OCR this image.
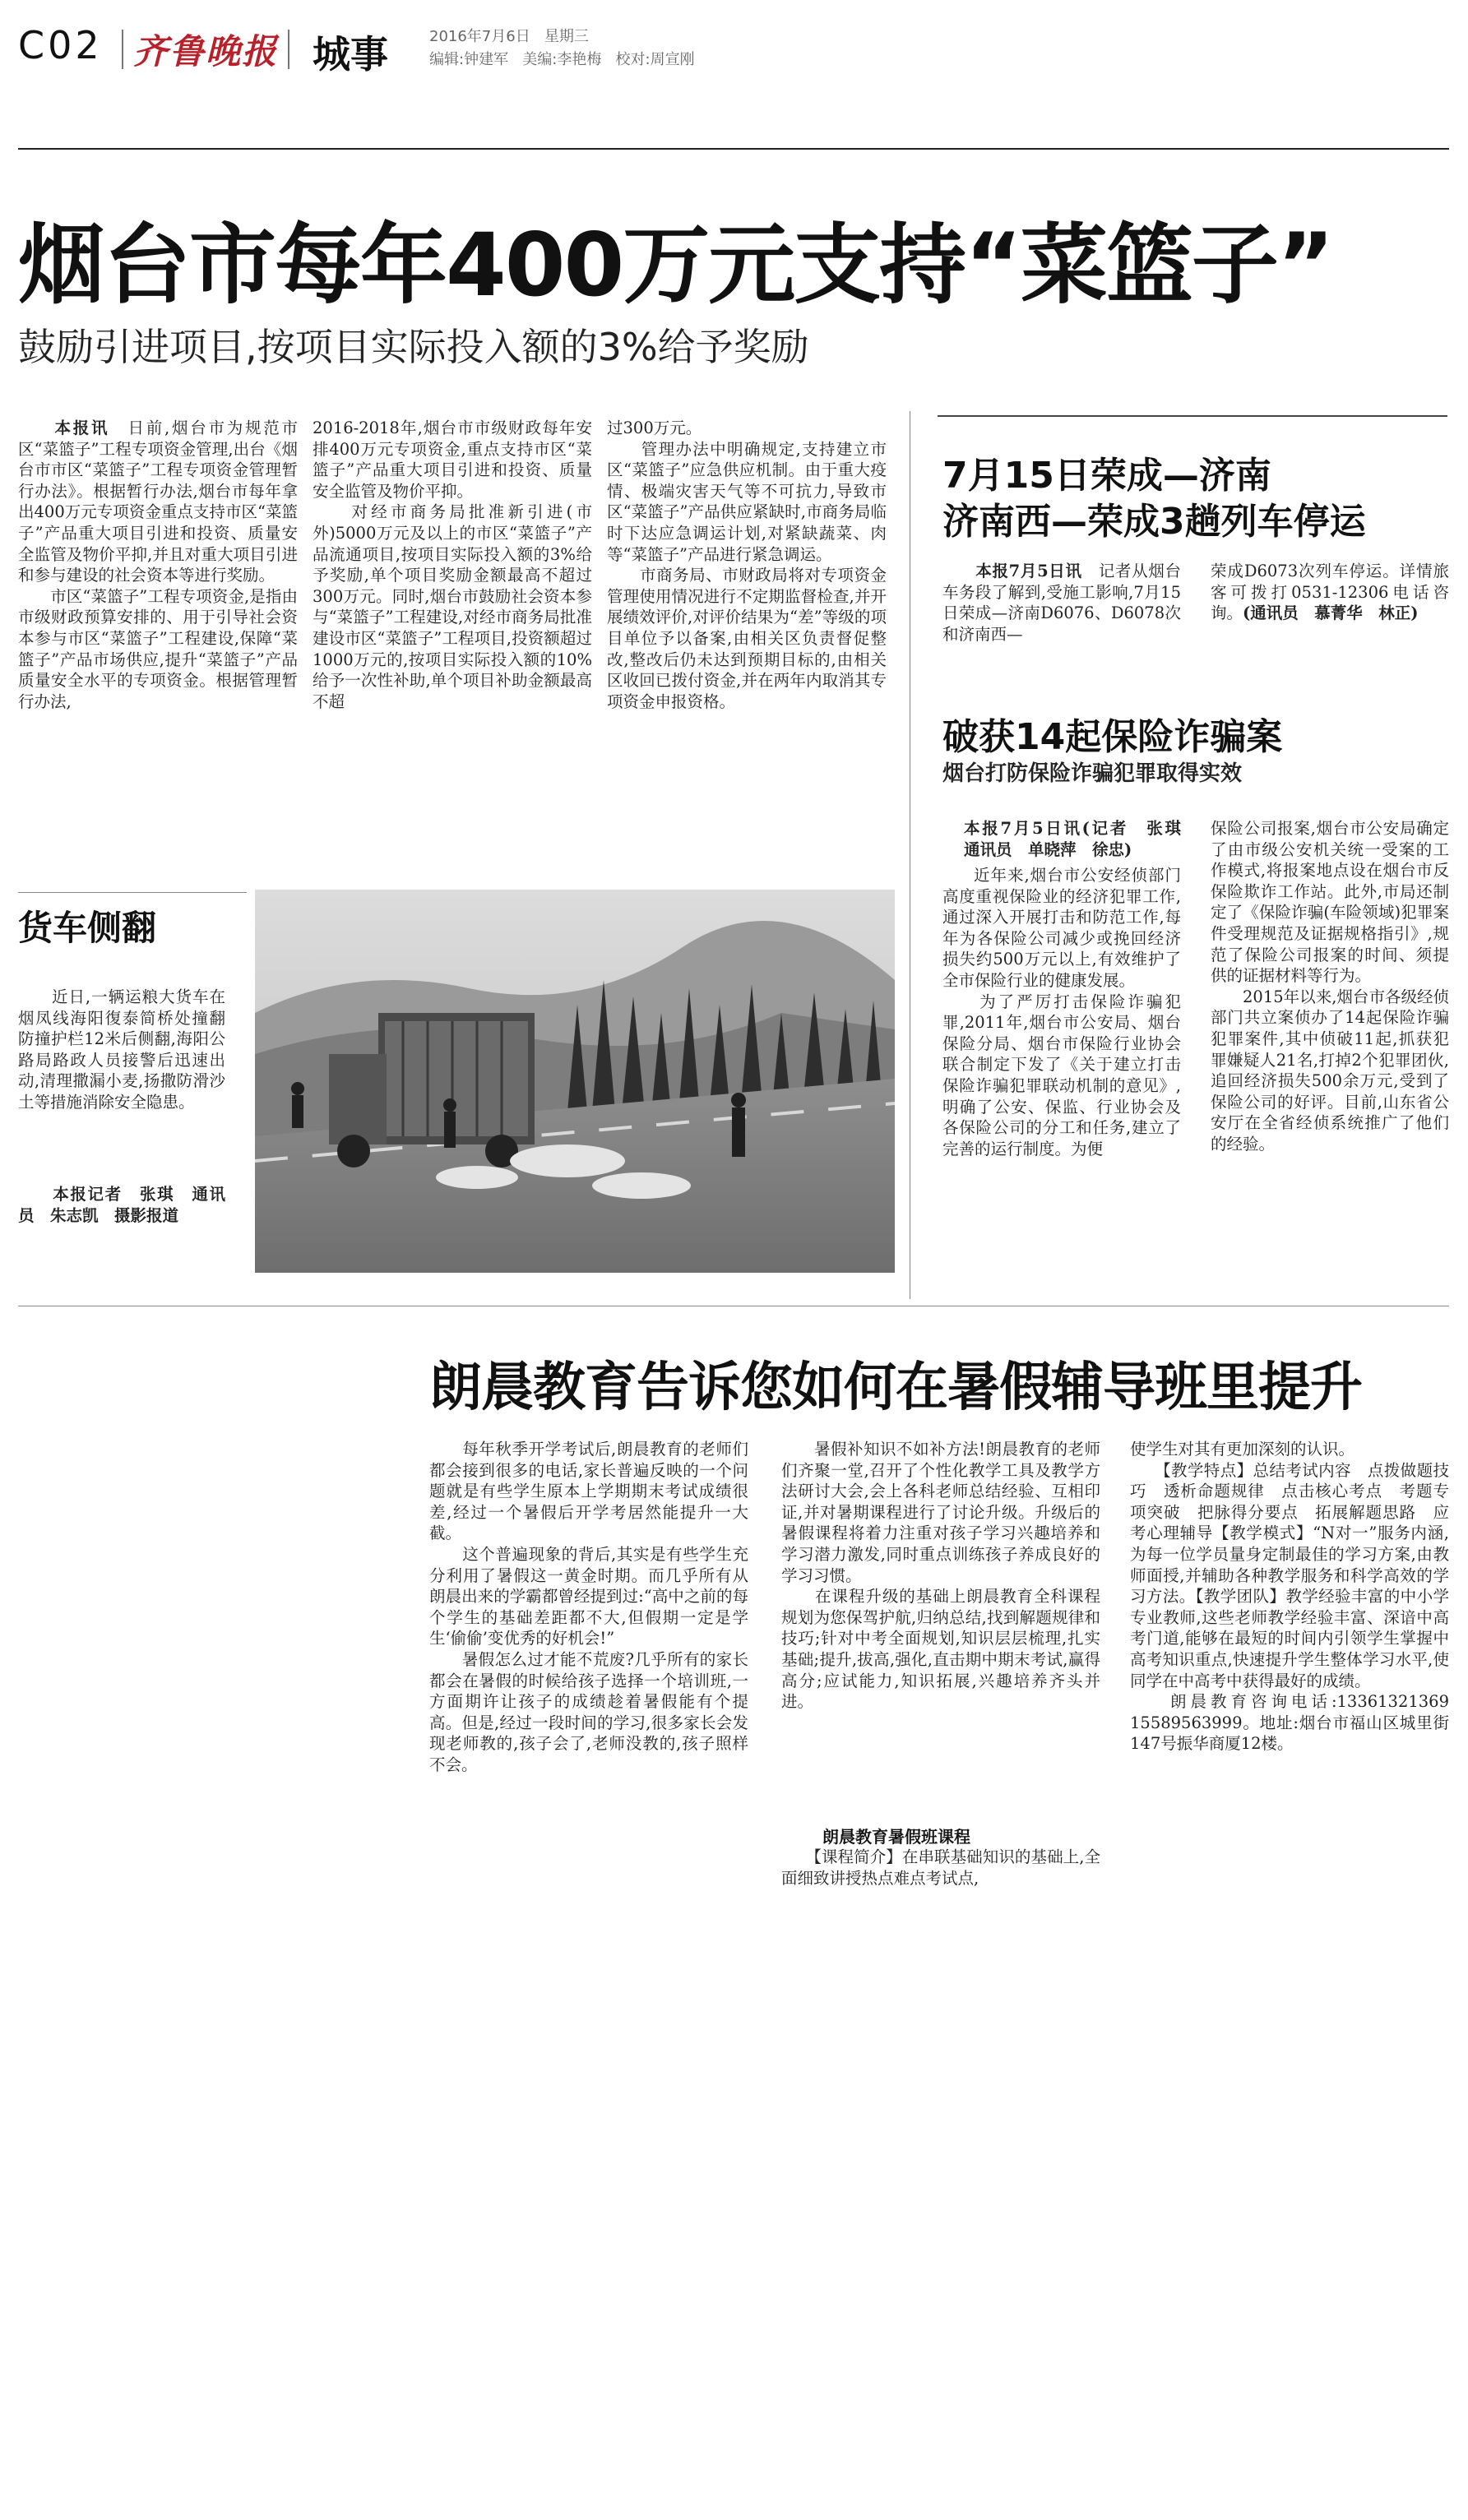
C02 齐鲁晚报 城事	2016年7月6日 星期三
编辑:钟建军 美编:李艳梅 校对:周宣刚
烟台市每年400万元支持“菜篮子”
鼓励引进项目,按项目实际投入额的3%给予奖励
　　本报讯　日前,烟台市为规范市区“菜篮子”工程专项资金管理,出台《烟台市市区“菜篮子”工程专项资金管理暂行办法》。根据暂行办法,烟台市每年拿出400万元专项资金重点支持市区“菜篮子”产品重大项目引进和投资、质量安全监管及物价平抑,并且对重大项目引进和参与建设的社会资本等进行奖励。
　　市区“菜篮子”工程专项资金,是指由市级财政预算安排的、用于引导社会资本参与市区“菜篮子”工程建设,保障“菜篮子”产品市场供应,提升“菜篮子”产品质量安全水平的专项资金。根据管理暂行办法,
2016-2018年,烟台市市级财政每年安排400万元专项资金,重点支持市区“菜篮子”产品重大项目引进和投资、质量安全监管及物价平抑。
　　对经市商务局批准新引进(市外)5000万元及以上的市区“菜篮子”产品流通项目,按项目实际投入额的3%给予奖励,单个项目奖励金额最高不超过300万元。同时,烟台市鼓励社会资本参与“菜篮子”工程建设,对经市商务局批准建设市区“菜篮子”工程项目,投资额超过1000万元的,按项目实际投入额的10%给予一次性补助,单个项目补助金额最高不超
过300万元。
　　管理办法中明确规定,支持建立市区“菜篮子”应急供应机制。由于重大疫情、极端灾害天气等不可抗力,导致市区“菜篮子”产品供应紧缺时,市商务局临时下达应急调运计划,对紧缺蔬菜、肉等“菜篮子”产品进行紧急调运。
　　市商务局、市财政局将对专项资金管理使用情况进行不定期监督检查,并开展绩效评价,对评价结果为“差”等级的项目单位予以备案,由相关区负责督促整改,整改后仍未达到预期目标的,由相关区收回已拨付资金,并在两年内取消其专项资金申报资格。
7月15日荣成—济南
济南西—荣成3趟列车停运
　　本报7月5日讯　记者从烟台车务段了解到,受施工影响,7月15日荣成—济南D6076、D6078次和济南西—
荣成D6073次列车停运。详情旅客可拨打0531-12306电话咨询。(通讯员　慕菁华　林正)
破获14起保险诈骗案
烟台打防保险诈骗犯罪取得实效
本报7月5日讯(记者　张琪　通讯员　单晓萍　徐忠)
近年来,烟台市公安经侦部门高度重视保险业的经济犯罪工作,通过深入开展打击和防范工作,每年为各保险公司减少或挽回经济损失约500万元以上,有效维护了全市保险行业的健康发展。
　　为了严厉打击保险诈骗犯罪,2011年,烟台市公安局、烟台保险分局、烟台市保险行业协会联合制定下发了《关于建立打击保险诈骗犯罪联动机制的意见》,明确了公安、保监、行业协会及各保险公司的分工和任务,建立了完善的运行制度。为便
保险公司报案,烟台市公安局确定了由市级公安机关统一受案的工作模式,将报案地点设在烟台市反保险欺诈工作站。此外,市局还制定了《保险诈骗(车险领域)犯罪案件受理规范及证据规格指引》,规范了保险公司报案的时间、须提供的证据材料等行为。
　　2015年以来,烟台市各级经侦部门共立案侦办了14起保险诈骗犯罪案件,其中侦破11起,抓获犯罪嫌疑人21名,打掉2个犯罪团伙,追回经济损失500余万元,受到了保险公司的好评。目前,山东省公安厅在全省经侦系统推广了他们的经验。
货车侧翻
　　近日,一辆运粮大货车在烟凤线海阳復泰简桥处撞翻防撞护栏12米后侧翻,海阳公路局路政人员接警后迅速出动,清理撒漏小麦,扬撒防滑沙土等措施消除安全隐患。
　　本报记者　张琪　通讯员　朱志凯　摄影报道
朗晨教育告诉您如何在暑假辅导班里提升
　　每年秋季开学考试后,朗晨教育的老师们都会接到很多的电话,家长普遍反映的一个问题就是有些学生原本上学期期末考试成绩很差,经过一个暑假后开学考居然能提升一大截。
　　这个普遍现象的背后,其实是有些学生充分利用了暑假这一黄金时期。而几乎所有从朗晨出来的学霸都曾经提到过:“高中之前的每个学生的基础差距都不大,但假期一定是学生‘偷偷’变优秀的好机会!”
　　暑假怎么过才能不荒废?几乎所有的家长都会在暑假的时候给孩子选择一个培训班,一方面期许让孩子的成绩趁着暑假能有个提高。但是,经过一段时间的学习,很多家长会发现老师教的,孩子会了,老师没教的,孩子照样不会。
　　暑假补知识不如补方法!朗晨教育的老师们齐聚一堂,召开了个性化教学工具及教学方法研讨大会,会上各科老师总结经验、互相印证,并对暑期课程进行了讨论升级。升级后的暑假课程将着力注重对孩子学习兴趣培养和学习潜力激发,同时重点训练孩子养成良好的学习习惯。
　　在课程升级的基础上朗晨教育全科课程规划为您保驾护航,归纳总结,找到解题规律和技巧;针对中考全面规划,知识层层梳理,扎实基础;提升,拔高,强化,直击期中期末考试,赢得高分;应试能力,知识拓展,兴趣培养齐头并进。
朗晨教育暑假班课程
　　【课程简介】在串联基础知识的基础上,全面细致讲授热点难点考试点,
使学生对其有更加深刻的认识。
　　【教学特点】总结考试内容　点拨做题技巧　透析命题规律　点击核心考点　考题专项突破　把脉得分要点　拓展解题思路　应考心理辅导【教学模式】“N对一”服务内涵,为每一位学员量身定制最佳的学习方案,由教师面授,并辅助各种教学服务和科学高效的学习方法。【教学团队】教学经验丰富的中小学专业教师,这些老师教学经验丰富、深谙中高考门道,能够在最短的时间内引领学生掌握中高考知识重点,快速提升学生整体学习水平,使同学在中高考中获得最好的成绩。
　　朗晨教育咨询电话:13361321369　15589563999。地址:烟台市福山区城里街147号振华商厦12楼。
